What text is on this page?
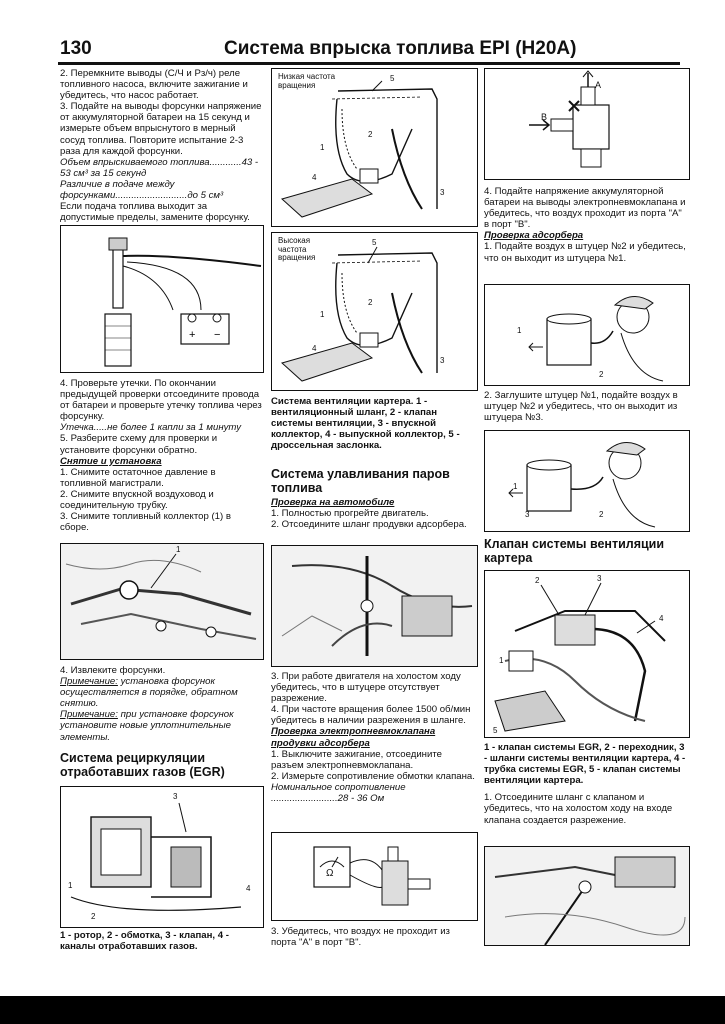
130	Система впрыска топлива EPI (H20A)

2. Перемкните выводы (С/Ч и Рз/ч) реле топливного насоса, включите зажигание и убедитесь, что насос работает.

3. Подайте на выводы форсунки напряжение от аккумуляторной батареи на 15 секунд и измерьте объем впрыснутого в мерный сосуд топлива. Повторите испытание 2-3 раза для каждой форсунки.

Объем впрыскиваемого топлива............43 - 53 см³ за 15 секунд

Различие в подаче между форсунками...........................до 5 см³

Если подача топлива выходит за допустимые пределы, замените форсунку.

+ −

4. Проверьте утечки. По окончании предыдущей проверки отсоедините провода от батареи и проверьте утечку топлива через форсунку.

Утечка.....не более 1 капли за 1 минуту

5. Разберите схему для проверки и установите форсунки обратно.

Снятие и установка

1. Снимите остаточное давление в топливной магистрали.

2. Снимите впускной воздуховод и соединительную трубку.

3. Снимите топливный коллектор (1) в сборе.

1

4. Извлеките форсунки.

Примечание: установка форсунок осуществляется в порядке, обратном снятию.

Примечание: при установке форсунок установите новые уплотнительные элементы.

Система рециркуляции отработавших газов (EGR)

3
1
2
4

1 - ротор, 2 - обмотка, 3 - клапан, 4 - каналы отработавших газов.

Низкая частота вращения
5
2
1
4
3
Высокая частота вращения
5
2
1
4
3

Система вентиляции картера. 1 - вентиляционный шланг, 2 - клапан системы вентиляции, 3 - впускной коллектор, 4 - выпускной коллектор, 5 - дроссельная заслонка.

Система улавливания паров топлива

Проверка на автомобиле

1. Полностью прогрейте двигатель.

2. Отсоедините шланг продувки адсорбера.

3. При работе двигателя на холостом ходу убедитесь, что в штуцере отсутствует разрежение.

4. При частоте вращения более 1500 об/мин убедитесь в наличии разрежения в шланге.

Проверка электропневмоклапана продувки адсорбера

1. Выключите зажигание, отсоедините разъем электропневмоклапана.

2. Измерьте сопротивление обмотки клапана.

Номинальное сопротивление

.........................28 - 36 Ом

Ω

3. Убедитесь, что воздух не проходит из порта "А" в порт "В".

A
B

4. Подайте напряжение аккумуляторной батареи на выводы электропневмоклапана и убедитесь, что воздух проходит из порта "А" в порт "В".

Проверка адсорбера

1. Подайте воздух в штуцер №2 и убедитесь, что он выходит из штуцера №1.

1
2

2. Заглушите штуцер №1, подайте воздух в штуцер №2 и убедитесь, что он выходит из штуцера №3.

1
3	2

Клапан системы вентиляции картера

2	3
4
1
5

1 - клапан системы EGR, 2 - переходник, 3 - шланги системы вентиляции картера, 4 - трубка системы EGR, 5 - клапан системы вентиляции картера.

1. Отсоедините шланг с клапаном и убедитесь, что на холостом ходу на входе клапана создается разрежение.
